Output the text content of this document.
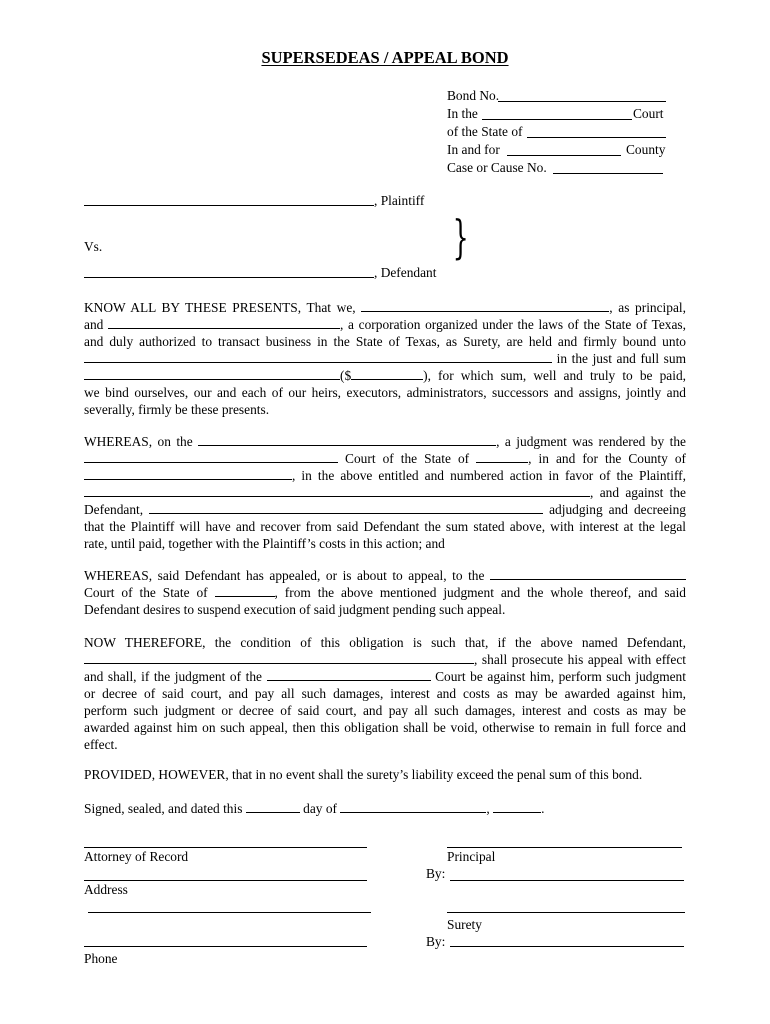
SUPERSEDEAS / APPEAL BOND
Bond No.
In the	Court
of the State of
In and for	County
Case or Cause No.
, Plaintiff
}
Vs.
, Defendant
KNOW ALL BY THESE PRESENTS, That we,	, as principal,
and	, a corporation organized under the laws of the State of Texas,
and duly authorized to transact business in the State of Texas, as Surety, are held and firmly bound unto
in the just and full sum
($	), for which sum, well and truly to be paid,
we bind ourselves, our and each of our heirs, executors, administrators, successors and assigns, jointly and
severally, firmly be these presents.
WHEREAS, on the	, a judgment was rendered by the
Court of the State of	, in and for the County of
, in the above entitled and numbered action in favor of the Plaintiff,
, and against the
Defendant,	adjudging and decreeing
that the Plaintiff will have and recover from said Defendant the sum stated above, with interest at the legal
rate, until paid, together with the Plaintiff’s costs in this action; and
WHEREAS, said Defendant has appealed, or is about to appeal, to the
Court of the State of	, from the above mentioned judgment and the whole thereof, and said
Defendant desires to suspend execution of said judgment pending such appeal.
NOW THEREFORE, the condition of this obligation is such that, if the above named Defendant,
, shall prosecute his appeal with effect
and shall, if the judgment of the	Court be against him, perform such judgment
or decree of said court, and pay all such damages, interest and costs as may be awarded against him,
perform such judgment or decree of said court, and pay all such damages, interest and costs as may be
awarded against him on such appeal, then this obligation shall be void, otherwise to remain in full force and
effect.
PROVIDED, HOWEVER, that in no event shall the surety’s liability exceed the penal sum of this bond.
Signed, sealed, and dated this	day of	,	.
Attorney of Record	Principal
By:
Address
Surety
By:
Phone
